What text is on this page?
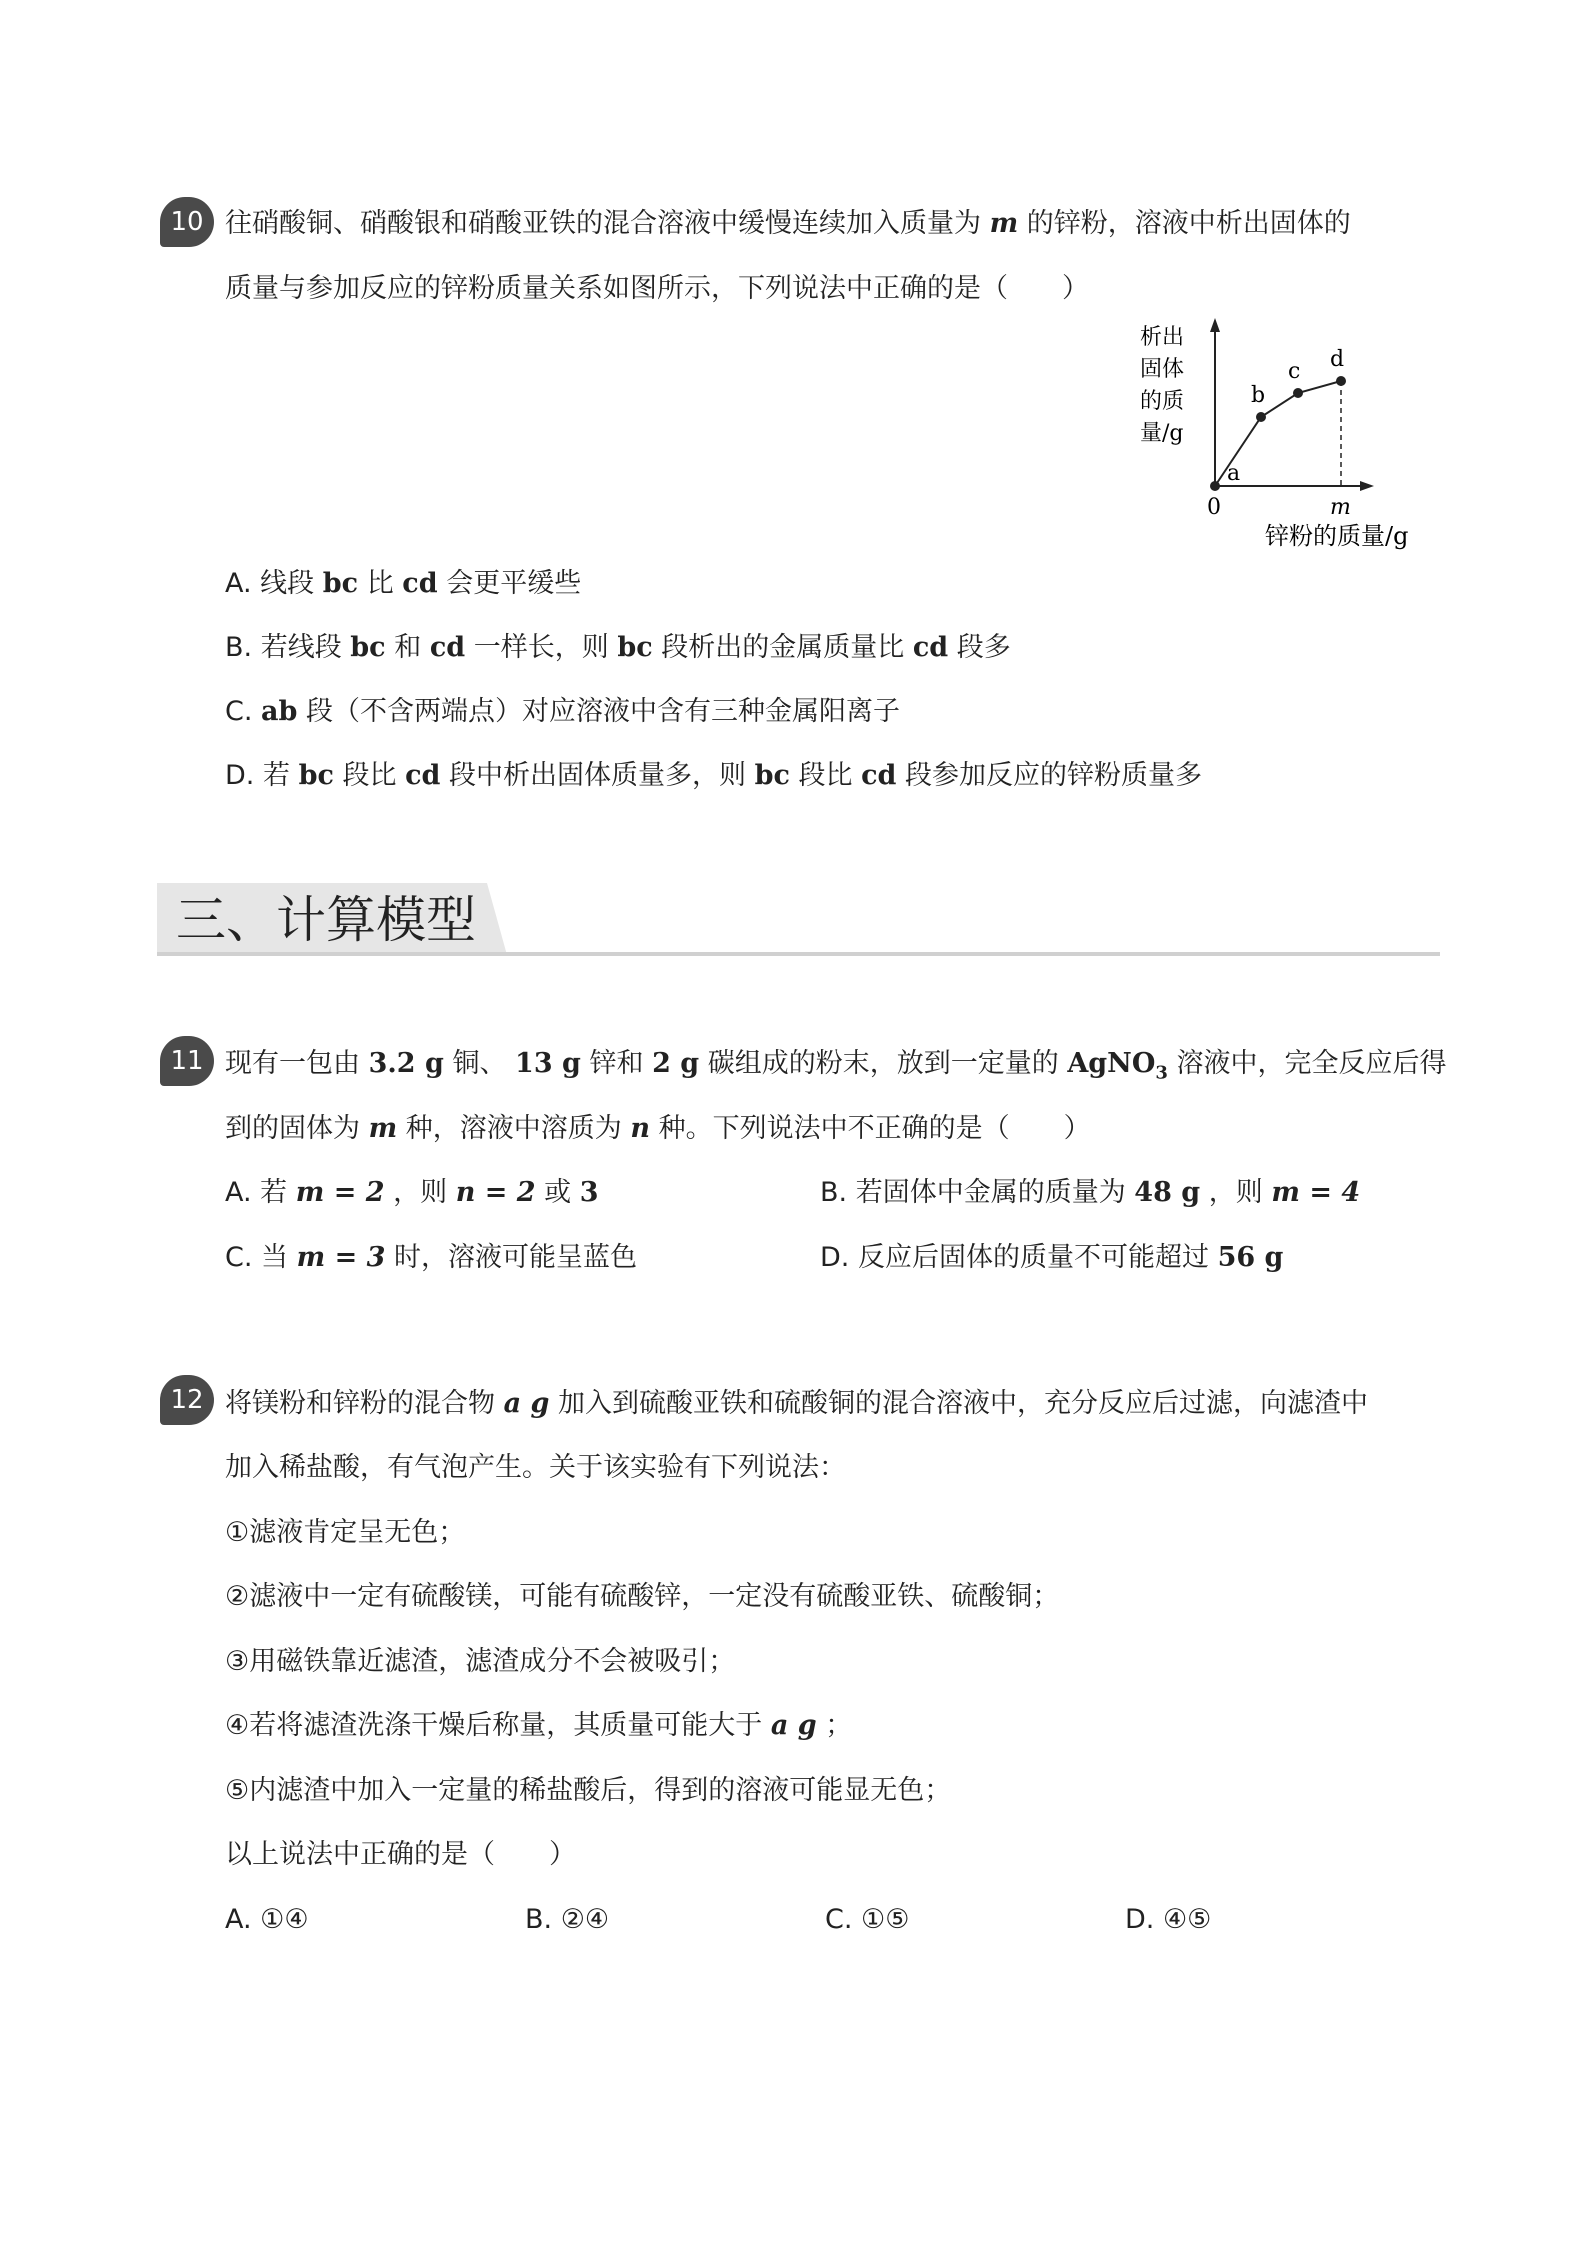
10 往硝酸铜、硝酸银和硝酸亚铁的混合溶液中缓慢连续加入质量为 m 的锌粉，溶液中析出固体的
质量与参加反应的锌粉质量关系如图所示，下列说法中正确的是（　　）
析出
固体
的质
量/g
a
b
c d
0	m
锌粉的质量/g
A. 线段 bc 比 cd 会更平缓些
B. 若线段 bc 和 cd 一样长，则 bc 段析出的金属质量比 cd 段多
C. ab 段（不含两端点）对应溶液中含有三种金属阳离子
D. 若 bc 段比 cd 段中析出固体质量多，则 bc 段比 cd 段参加反应的锌粉质量多
三、计算模型
11 现有一包由 3.2 g 铜、 13 g 锌和 2 g 碳组成的粉末，放到一定量的 AgNO$_3$ 溶液中，完全反应后得
到的固体为 m 种，溶液中溶质为 n 种。下列说法中不正确的是（　　）
A. 若 m = 2 ，则 n = 2 或 3	B. 若固体中金属的质量为 48 g ，则 m = 4
C. 当 m = 3 时，溶液可能呈蓝色	D. 反应后固体的质量不可能超过 56 g
12 将镁粉和锌粉的混合物 a g 加入到硫酸亚铁和硫酸铜的混合溶液中，充分反应后过滤，向滤渣中
加入稀盐酸，有气泡产生。关于该实验有下列说法：
①滤液肯定呈无色；
②滤液中一定有硫酸镁，可能有硫酸锌，一定没有硫酸亚铁、硫酸铜；
③用磁铁靠近滤渣，滤渣成分不会被吸引；
④若将滤渣洗涤干燥后称量，其质量可能大于 a g ；
⑤内滤渣中加入一定量的稀盐酸后，得到的溶液可能显无色；
以上说法中正确的是（　　）
A. ①④	B. ②④	C. ①⑤	D. ④⑤
